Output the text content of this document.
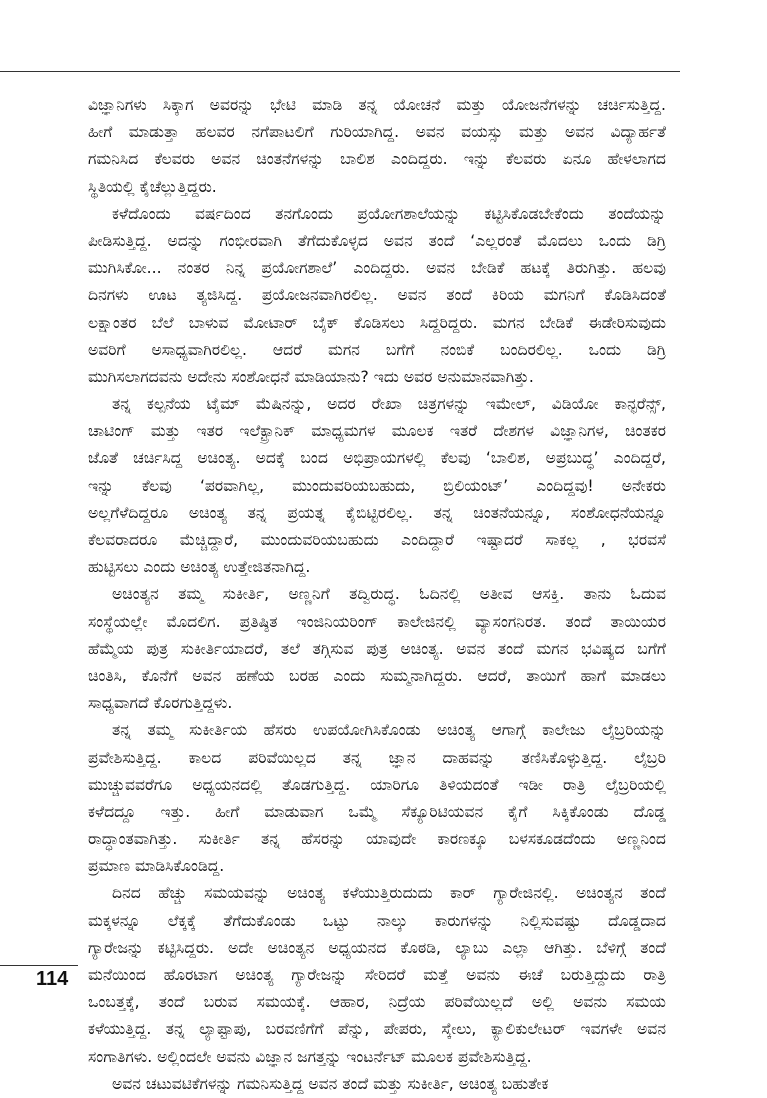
ವಿಜ್ಞಾನಿಗಳು ಸಿಕ್ಕಾಗ ಅವರನ್ನು ಭೇಟಿ ಮಾಡಿ ತನ್ನ ಯೋಚನೆ ಮತ್ತು ಯೋಜನೆಗಳನ್ನು ಚರ್ಚಿಸುತ್ತಿದ್ದ.
ಹೀಗೆ ಮಾಡುತ್ತಾ ಹಲವರ ನಗೆಪಾಟಲಿಗೆ ಗುರಿಯಾಗಿದ್ದ. ಅವನ ವಯಸ್ಸು ಮತ್ತು ಅವನ ವಿದ್ಯಾರ್ಹತೆ
ಗಮನಿಸಿದ ಕೆಲವರು ಅವನ ಚಿಂತನೆಗಳನ್ನು ಬಾಲಿಶ ಎಂದಿದ್ದರು. ಇನ್ನು ಕೆಲವರು ಏನೂ ಹೇಳಲಾಗದ
ಸ್ಥಿತಿಯಲ್ಲಿ ಕೈಚೆಲ್ಲುತ್ತಿದ್ದರು.
ಕಳೆದೊಂದು ವರ್ಷದಿಂದ ತನಗೊಂದು ಪ್ರಯೋಗಶಾಲೆಯನ್ನು ಕಟ್ಟಿಸಿಕೊಡಬೇಕೆಂದು ತಂದೆಯನ್ನು
ಪೀಡಿಸುತ್ತಿದ್ದ. ಅದನ್ನು ಗಂಭೀರವಾಗಿ ತೆಗೆದುಕೊಳ್ಳದ ಅವನ ತಂದೆ ‘ಎಲ್ಲರಂತೆ ಮೊದಲು ಒಂದು ಡಿಗ್ರಿ
ಮುಗಿಸಿಕೋ... ನಂತರ ನಿನ್ನ ಪ್ರಯೋಗಶಾಲೆ’ ಎಂದಿದ್ದರು. ಅವನ ಬೇಡಿಕೆ ಹಟಕ್ಕೆ ತಿರುಗಿತ್ತು. ಹಲವು
ದಿನಗಳು ಊಟ ತ್ಯಜಿಸಿದ್ದ. ಪ್ರಯೋಜನವಾಗಿರಲಿಲ್ಲ. ಅವನ ತಂದೆ ಕಿರಿಯ ಮಗನಿಗೆ ಕೊಡಿಸಿದಂತೆ
ಲಕ್ಷಾಂತರ ಬೆಲೆ ಬಾಳುವ ಮೋಟಾರ್ ಬೈಕ್ ಕೊಡಿಸಲು ಸಿದ್ದರಿದ್ದರು. ಮಗನ ಬೇಡಿಕೆ ಈಡೇರಿಸುವುದು
ಅವರಿಗೆ ಅಸಾಧ್ಯವಾಗಿರಲಿಲ್ಲ. ಆದರೆ ಮಗನ ಬಗೆಗೆ ನಂಬಿಕೆ ಬಂದಿರಲಿಲ್ಲ. ಒಂದು ಡಿಗ್ರಿ
ಮುಗಿಸಲಾಗದವನು ಅದೇನು ಸಂಶೋಧನೆ ಮಾಡಿಯಾನು? ಇದು ಅವರ ಅನುಮಾನವಾಗಿತ್ತು.
ತನ್ನ ಕಲ್ಪನೆಯ ಟೈಮ್ ಮೆಷಿನನ್ನು, ಅದರ ರೇಖಾ ಚಿತ್ರಗಳನ್ನು ಇಮೇಲ್, ವಿಡಿಯೋ ಕಾನ್ಫರೆನ್ಸ್,
ಚಾಟಿಂಗ್ ಮತ್ತು ಇತರ ಇಲೆಕ್ಟ್ರಾನಿಕ್ ಮಾಧ್ಯಮಗಳ ಮೂಲಕ ಇತರೆ ದೇಶಗಳ ವಿಜ್ಞಾನಿಗಳ, ಚಿಂತಕರ
ಜೊತೆ ಚರ್ಚಿಸಿದ್ದ ಅಚಿಂತ್ಯ. ಅದಕ್ಕೆ ಬಂದ ಅಭಿಪ್ರಾಯಗಳಲ್ಲಿ ಕೆಲವು ‘ಬಾಲಿಶ, ಅಪ್ರಬುದ್ಧ’ ಎಂದಿದ್ದರೆ,
ಇನ್ನು ಕೆಲವು ‘ಪರವಾಗಿಲ್ಲ, ಮುಂದುವರಿಯಬಹುದು, ಬ್ರಿಲಿಯಂಟ್’ ಎಂದಿದ್ದವು! ಅನೇಕರು
ಅಲ್ಲಗೆಳೆದಿದ್ದರೂ ಅಚಿಂತ್ಯ ತನ್ನ ಪ್ರಯತ್ನ ಕೈಬಿಟ್ಟಿರಲಿಲ್ಲ. ತನ್ನ ಚಿಂತನೆಯನ್ನೂ, ಸಂಶೋಧನೆಯನ್ನೂ
ಕೆಲವರಾದರೂ ಮೆಚ್ಚಿದ್ದಾರೆ, ಮುಂದುವರಿಯಬಹುದು ಎಂದಿದ್ದಾರೆ ಇಷ್ಟಾದರೆ ಸಾಕಲ್ಲ , ಭರವಸೆ
ಹುಟ್ಟಿಸಲು ಎಂದು ಅಚಿಂತ್ಯ ಉತ್ತೇಜಿತನಾಗಿದ್ದ.
ಅಚಿಂತ್ಯನ ತಮ್ಮ ಸುಕೀರ್ತಿ, ಅಣ್ಣನಿಗೆ ತದ್ವಿರುದ್ಧ. ಓದಿನಲ್ಲಿ ಅತೀವ ಆಸಕ್ತಿ. ತಾನು ಓದುವ
ಸಂಸ್ಥೆಯಲ್ಲೇ ಮೊದಲಿಗ. ಪ್ರತಿಷ್ಠಿತ ಇಂಜಿನಿಯರಿಂಗ್ ಕಾಲೇಜಿನಲ್ಲಿ ವ್ಯಾಸಂಗನಿರತ. ತಂದೆ ತಾಯಿಯರ
ಹೆಮ್ಮೆಯ ಪುತ್ರ ಸುಕೀರ್ತಿಯಾದರೆ, ತಲೆ ತಗ್ಗಿಸುವ ಪುತ್ರ ಅಚಿಂತ್ಯ. ಅವನ ತಂದೆ ಮಗನ ಭವಿಷ್ಯದ ಬಗೆಗೆ
ಚಿಂತಿಸಿ, ಕೊನೆಗೆ ಅವನ ಹಣೆಯ ಬರಹ ಎಂದು ಸುಮ್ಮನಾಗಿದ್ದರು. ಆದರೆ, ತಾಯಿಗೆ ಹಾಗೆ ಮಾಡಲು
ಸಾಧ್ಯವಾಗದೆ ಕೊರಗುತ್ತಿದ್ದಳು.
ತನ್ನ ತಮ್ಮ ಸುಕೀರ್ತಿಯ ಹೆಸರು ಉಪಯೋಗಿಸಿಕೊಂಡು ಅಚಿಂತ್ಯ ಆಗಾಗ್ಗೆ ಕಾಲೇಜು ಲೈಬ್ರರಿಯನ್ನು
ಪ್ರವೇಶಿಸುತ್ತಿದ್ದ. ಕಾಲದ ಪರಿವೆಯಿಲ್ಲದ ತನ್ನ ಜ್ಞಾನ ದಾಹವನ್ನು ತಣಿಸಿಕೊಳ್ಳುತ್ತಿದ್ದ. ಲೈಬ್ರರಿ
ಮುಚ್ಚುವವರೆಗೂ ಅಧ್ಯಯನದಲ್ಲಿ ತೊಡಗುತ್ತಿದ್ದ. ಯಾರಿಗೂ ತಿಳಿಯದಂತೆ ಇಡೀ ರಾತ್ರಿ ಲೈಬ್ರರಿಯಲ್ಲಿ
ಕಳೆದದ್ದೂ ಇತ್ತು. ಹೀಗೆ ಮಾಡುವಾಗ ಒಮ್ಮೆ ಸೆಕ್ಯೂರಿಟಿಯವನ ಕೈಗೆ ಸಿಕ್ಕಿಕೊಂಡು ದೊಡ್ಡ
ರಾದ್ಧಾಂತವಾಗಿತ್ತು. ಸುಕೀರ್ತಿ ತನ್ನ ಹೆಸರನ್ನು ಯಾವುದೇ ಕಾರಣಕ್ಕೂ ಬಳಸಕೂಡದೆಂದು ಅಣ್ಣನಿಂದ
ಪ್ರಮಾಣ ಮಾಡಿಸಿಕೊಂಡಿದ್ದ.
ದಿನದ ಹೆಚ್ಚು ಸಮಯವನ್ನು ಅಚಿಂತ್ಯ ಕಳೆಯುತ್ತಿರುದುದು ಕಾರ್ ಗ್ಯಾರೇಜಿನಲ್ಲಿ. ಅಚಿಂತ್ಯನ ತಂದೆ
ಮಕ್ಕಳನ್ನೂ ಲೆಕ್ಕಕ್ಕೆ ತೆಗೆದುಕೊಂಡು ಒಟ್ಟು ನಾಲ್ಕು ಕಾರುಗಳನ್ನು ನಿಲ್ಲಿಸುವಷ್ಟು ದೊಡ್ಡದಾದ
ಗ್ಯಾರೇಜನ್ನು ಕಟ್ಟಿಸಿದ್ದರು. ಅದೇ ಅಚಿಂತ್ಯನ ಅಧ್ಯಯನದ ಕೊಠಡಿ, ಲ್ಯಾಬು ಎಲ್ಲಾ ಆಗಿತ್ತು. ಬೆಳಿಗ್ಗೆ ತಂದೆ
ಮನೆಯಿಂದ ಹೊರಟಾಗ ಅಚಿಂತ್ಯ ಗ್ಯಾರೇಜನ್ನು ಸೇರಿದರೆ ಮತ್ತೆ ಅವನು ಈಚೆ ಬರುತ್ತಿದ್ದುದು ರಾತ್ರಿ
ಒಂಬತ್ತಕ್ಕೆ, ತಂದೆ ಬರುವ ಸಮಯಕ್ಕೆ. ಆಹಾರ, ನಿದ್ರೆಯ ಪರಿವೆಯಿಲ್ಲದೆ ಅಲ್ಲಿ ಅವನು ಸಮಯ
ಕಳೆಯುತ್ತಿದ್ದ. ತನ್ನ ಲ್ಯಾಪ್ಟಾಪು, ಬರವಣಿಗೆಗೆ ಪೆನ್ನು, ಪೇಪರು, ಸ್ಕೇಲು, ಕ್ಯಾಲಿಕುಲೇಟರ್ ಇವಗಳೇ ಅವನ
ಸಂಗಾತಿಗಳು. ಅಲ್ಲಿಂದಲೇ ಅವನು ವಿಜ್ಞಾನ ಜಗತ್ತನ್ನು ಇಂಟರ್ನೆಟ್ ಮೂಲಕ ಪ್ರವೇಶಿಸುತ್ತಿದ್ದ.
ಅವನ ಚಟುವಟಿಕೆಗಳನ್ನು ಗಮನಿಸುತ್ತಿದ್ದ ಅವನ ತಂದೆ ಮತ್ತು ಸುಕೀರ್ತಿ, ಅಚಿಂತ್ಯ ಬಹುತೇಕ
114
